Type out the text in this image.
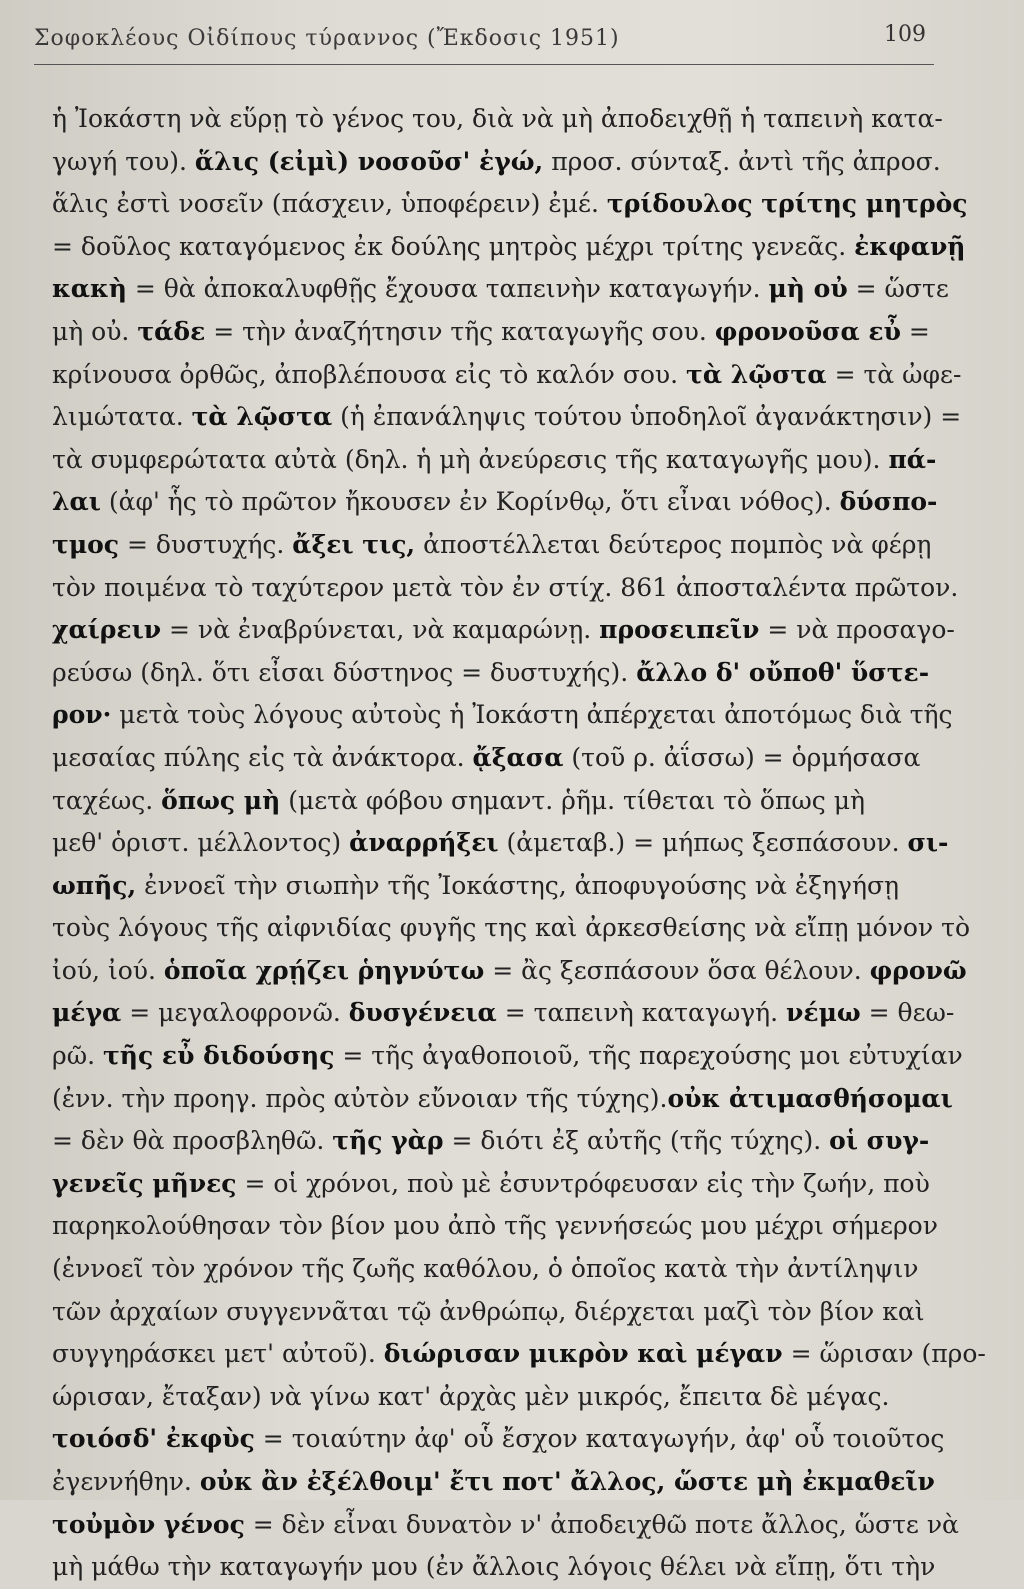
Σοφοκλέους Οἰδίπους τύραννος (Ἔκδοσις 1951)	109
ἡ Ἰοκάστη νὰ εὕρῃ τὸ γένος του, διὰ νὰ μὴ ἀποδειχθῇ ἡ ταπεινὴ κατα-
γωγή του). ἅλις (εἰμὶ) νοσοῦσ' ἐγώ, προσ. σύνταξ. ἀντὶ τῆς ἀπροσ.
ἅλις ἐστὶ νοσεῖν (πάσχειν, ὑποφέρειν) ἐμέ. τρίδουλος τρίτης μητρὸς
= δοῦλος καταγόμενος ἐκ δούλης μητρὸς μέχρι τρίτης γενεᾶς. ἐκφανῇ
κακὴ = θὰ ἀποκαλυφθῇς ἔχουσα ταπεινὴν καταγωγήν. μὴ οὐ = ὥστε
μὴ οὐ. τάδε = τὴν ἀναζήτησιν τῆς καταγωγῆς σου. φρονοῦσα εὖ =
κρίνουσα ὀρθῶς, ἀποβλέπουσα εἰς τὸ καλόν σου. τὰ λῷστα = τὰ ὠφε-
λιμώτατα. τὰ λῷστα (ἡ ἐπανάληψις τούτου ὑποδηλοῖ ἀγανάκτησιν) =
τὰ συμφερώτατα αὐτὰ (δηλ. ἡ μὴ ἀνεύρεσις τῆς καταγωγῆς μου). πά-
λαι (ἀφ' ἧς τὸ πρῶτον ἤκουσεν ἐν Κορίνθῳ, ὅτι εἶναι νόθος). δύσπο-
τμος = δυστυχής. ἄξει τις, ἀποστέλλεται δεύτερος πομπὸς νὰ φέρῃ
τὸν ποιμένα τὸ ταχύτερον μετὰ τὸν ἐν στίχ. 861 ἀποσταλέντα πρῶτον.
χαίρειν = νὰ ἐναβρύνεται, νὰ καμαρώνῃ. προσειπεῖν = νὰ προσαγο-
ρεύσω (δηλ. ὅτι εἶσαι δύστηνος = δυστυχής). ἄλλο δ' οὔποθ' ὕστε-
ρον· μετὰ τοὺς λόγους αὐτοὺς ἡ Ἰοκάστη ἀπέρχεται ἀποτόμως διὰ τῆς
μεσαίας πύλης εἰς τὰ ἀνάκτορα. ᾄξασα (τοῦ ρ. ἀΐσσω) = ὁρμήσασα
ταχέως. ὅπως μὴ (μετὰ φόβου σημαντ. ῥῆμ. τίθεται τὸ ὅπως μὴ
μεθ' ὁριστ. μέλλοντος) ἀναρρήξει (ἀμεταβ.) = μήπως ξεσπάσουν. σι-
ωπῆς, ἐννοεῖ τὴν σιωπὴν τῆς Ἰοκάστης, ἀποφυγούσης νὰ ἐξηγήσῃ
τοὺς λόγους τῆς αἰφνιδίας φυγῆς της καὶ ἀρκεσθείσης νὰ εἴπῃ μόνον τὸ
ἰού, ἰού. ὁποῖα χρῄζει ῥηγνύτω = ἂς ξεσπάσουν ὅσα θέλουν. φρονῶ
μέγα = μεγαλοφρονῶ. δυσγένεια = ταπεινὴ καταγωγή. νέμω = θεω-
ρῶ. τῆς εὖ διδούσης = τῆς ἀγαθοποιοῦ, τῆς παρεχούσης μοι εὐτυχίαν
(ἐνν. τὴν προηγ. πρὸς αὐτὸν εὔνοιαν τῆς τύχης).οὐκ ἀτιμασθήσομαι
= δὲν θὰ προσβληθῶ. τῆς γὰρ = διότι ἐξ αὐτῆς (τῆς τύχης). οἱ συγ-
γενεῖς μῆνες = οἱ χρόνοι, ποὺ μὲ ἐσυντρόφευσαν εἰς τὴν ζωήν, ποὺ
παρηκολούθησαν τὸν βίον μου ἀπὸ τῆς γεννήσεώς μου μέχρι σήμερον
(ἐννοεῖ τὸν χρόνον τῆς ζωῆς καθόλου, ὁ ὁποῖος κατὰ τὴν ἀντίληψιν
τῶν ἀρχαίων συγγεννᾶται τῷ ἀνθρώπῳ, διέρχεται μαζὶ τὸν βίον καὶ
συγγηράσκει μετ' αὐτοῦ). διώρισαν μικρὸν καὶ μέγαν = ὥρισαν (προ-
ώρισαν, ἔταξαν) νὰ γίνω κατ' ἀρχὰς μὲν μικρός, ἔπειτα δὲ μέγας.
τοιόσδ' ἐκφὺς = τοιαύτην ἀφ' οὗ ἔσχον καταγωγήν, ἀφ' οὗ τοιοῦτος
ἐγεννήθην. οὐκ ἂν ἐξέλθοιμ' ἔτι ποτ' ἄλλος, ὥστε μὴ ἐκμαθεῖν
τοὐμὸν γένος = δὲν εἶναι δυνατὸν ν' ἀποδειχθῶ ποτε ἄλλος, ὥστε νὰ
μὴ μάθω τὴν καταγωγήν μου (ἐν ἄλλοις λόγοις θέλει νὰ εἴπῃ, ὅτι τὴν
